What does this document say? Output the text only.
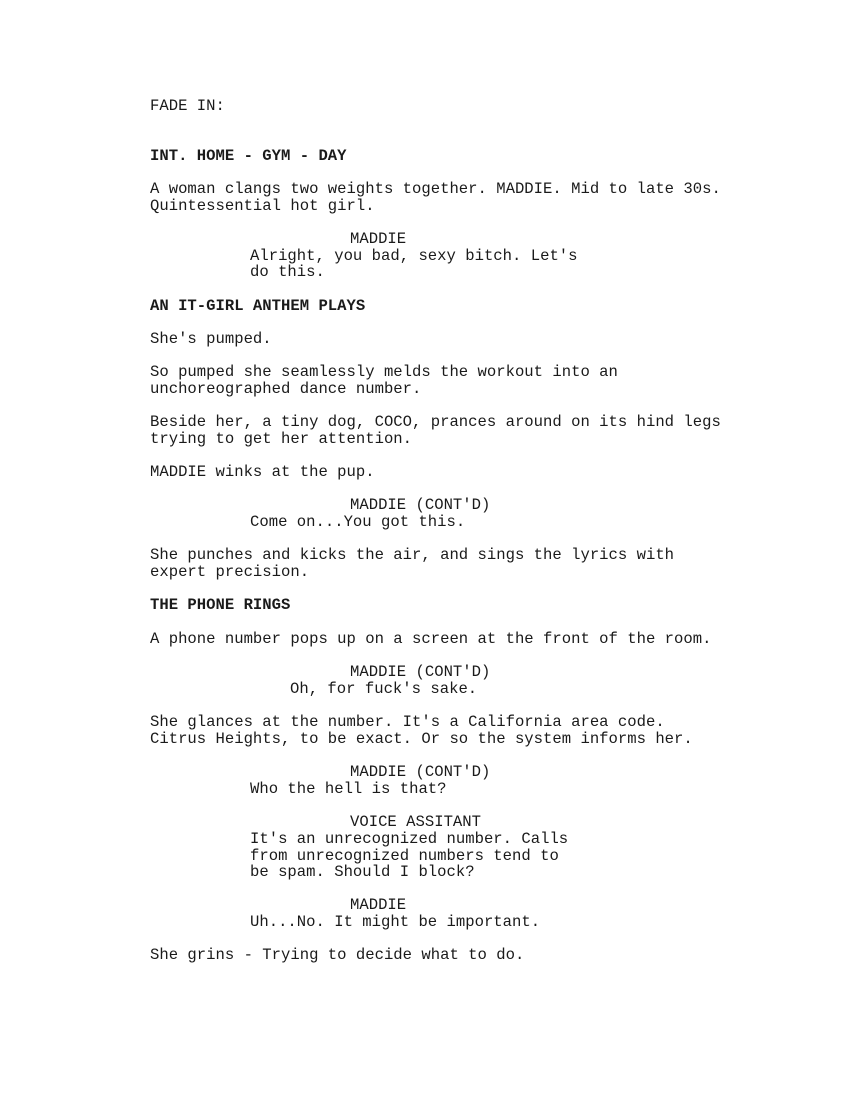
FADE IN:

INT. HOME - GYM - DAY

A woman clangs two weights together. MADDIE. Mid to late 30s.

Quintessential hot girl.

MADDIE

Alright, you bad, sexy bitch. Let's

do this.

AN IT-GIRL ANTHEM PLAYS

She's pumped.

So pumped she seamlessly melds the workout into an

unchoreographed dance number.

Beside her, a tiny dog, COCO, prances around on its hind legs

trying to get her attention.

MADDIE winks at the pup.

MADDIE (CONT'D)

Come on...You got this.

She punches and kicks the air, and sings the lyrics with

expert precision.

THE PHONE RINGS

A phone number pops up on a screen at the front of the room.

MADDIE (CONT'D)

Oh, for fuck's sake.

She glances at the number. It's a California area code.

Citrus Heights, to be exact. Or so the system informs her.

MADDIE (CONT'D)

Who the hell is that?

VOICE ASSITANT

It's an unrecognized number. Calls

from unrecognized numbers tend to

be spam. Should I block?

MADDIE

Uh...No. It might be important.

She grins - Trying to decide what to do.
